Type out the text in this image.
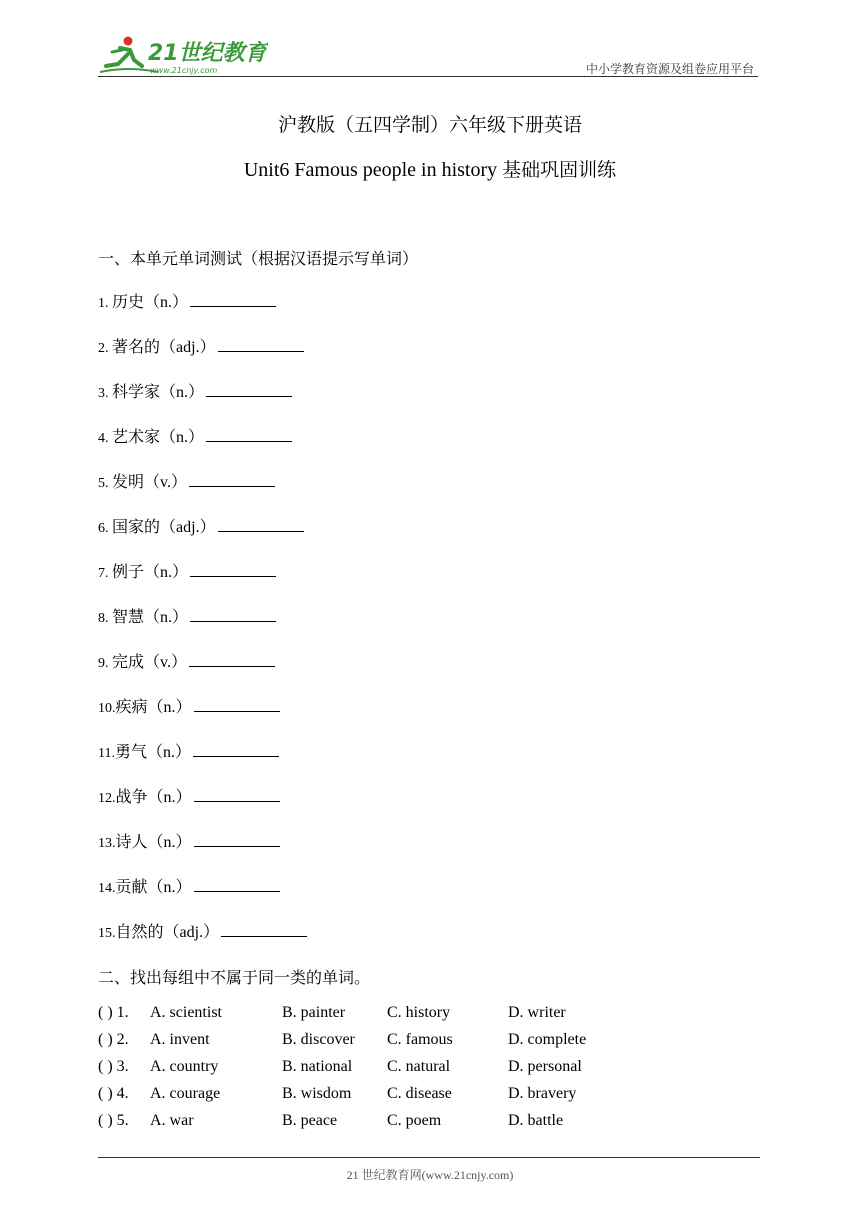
21世纪教育
www.21cnjy.com	中小学教育资源及组卷应用平台
沪教版（五四学制）六年级下册英语
Unit6 Famous people in history 基础巩固训练
一、本单元单词测试（根据汉语提示写单词）
1. 历史（n.）
2. 著名的（adj.）
3. 科学家（n.）
4. 艺术家（n.）
5. 发明（v.）
6. 国家的（adj.）
7. 例子（n.）
8. 智慧（n.）
9. 完成（v.）
10.疾病（n.）
11.勇气（n.）
12.战争（n.）
13.诗人（n.）
14.贡献（n.）
15.自然的（adj.）
二、找出每组中不属于同一类的单词。
( ) 1. A. scientist	B. painter	C. history	D. writer
( ) 2. A. invent	B. discover C. famous	D. complete
( ) 3. A. country	B. national C. natural	D. personal
( ) 4. A. courage	B. wisdom C. disease	D. bravery
( ) 5. A. war	B. peace	C. poem	D. battle
21 世纪教育网(www.21cnjy.com)
